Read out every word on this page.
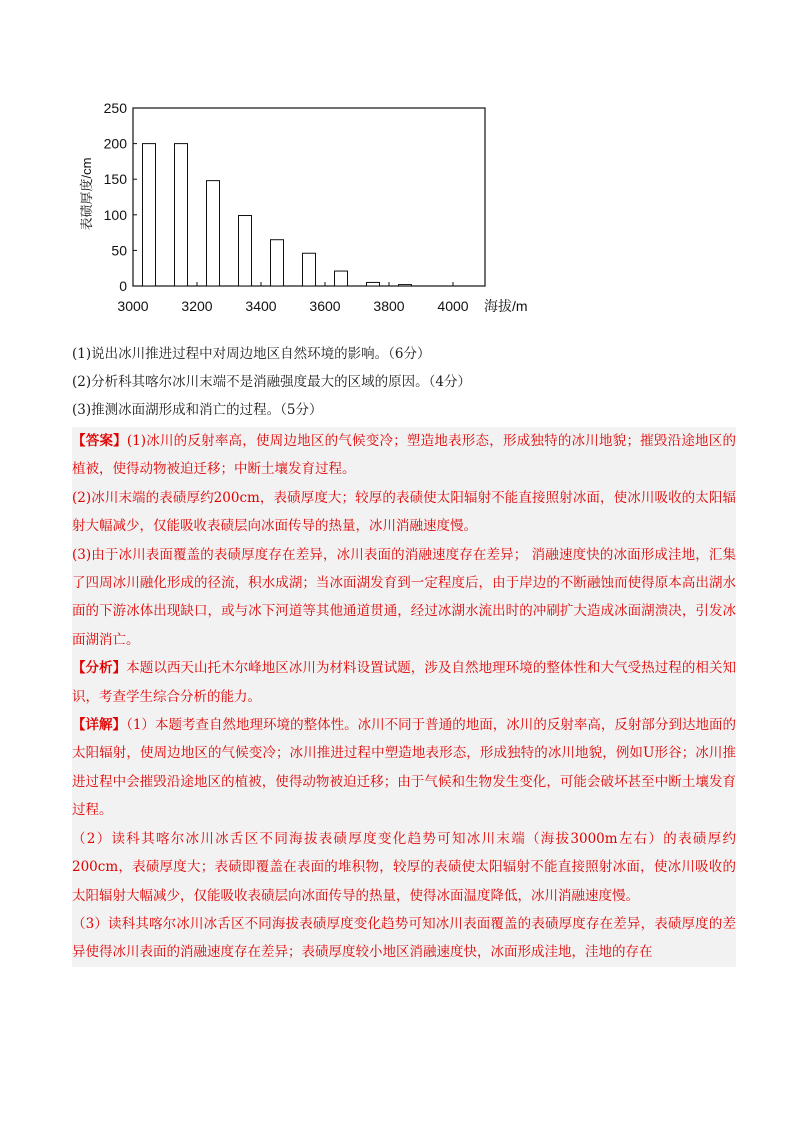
3000 3200 3400 3600 3800 4000
0
50
100
150
200
250
海拔/m
表碛厚度/cm
(1)说出冰川推进过程中对周边地区自然环境的影响。（6分）
(2)分析科其喀尔冰川末端不是消融强度最大的区域的原因。（4分）
(3)推测冰面湖形成和消亡的过程。（5分）

【答案】(1)冰川的反射率高，使周边地区的气候变冷；塑造地表形态，形成独特的冰川地貌；摧毁沿途地区的植被，使得动物被迫迁移；中断土壤发育过程。

(2)冰川末端的表碛厚约200cm，表碛厚度大；较厚的表碛使太阳辐射不能直接照射冰面，使冰川吸收的太阳辐射大幅减少，仅能吸收表碛层向冰面传导的热量，冰川消融速度慢。

(3)由于冰川表面覆盖的表碛厚度存在差异，冰川表面的消融速度存在差异； 消融速度快的冰面形成洼地，汇集了四周冰川融化形成的径流，积水成湖；当冰面湖发育到一定程度后，由于岸边的不断融蚀而使得原本高出湖水面的下游冰体出现缺口，或与冰下河道等其他通道贯通，经过冰湖水流出时的冲刷扩大造成冰面湖溃决，引发冰面湖消亡。

【分析】本题以西天山托木尔峰地区冰川为材料设置试题，涉及自然地理环境的整体性和大气受热过程的相关知识，考查学生综合分析的能力。

【详解】（1）本题考查自然地理环境的整体性。冰川不同于普通的地面，冰川的反射率高，反射部分到达地面的太阳辐射，使周边地区的气候变冷；冰川推进过程中塑造地表形态，形成独特的冰川地貌，例如U形谷；冰川推进过程中会摧毁沿途地区的植被，使得动物被迫迁移；由于气候和生物发生变化，可能会破坏甚至中断土壤发育过程。

（2）读科其喀尔冰川冰舌区不同海拔表碛厚度变化趋势可知冰川末端（海拔3000m左右）的表碛厚约200cm，表碛厚度大；表碛即覆盖在表面的堆积物，较厚的表碛使太阳辐射不能直接照射冰面，使冰川吸收的太阳辐射大幅减少，仅能吸收表碛层向冰面传导的热量，使得冰面温度降低，冰川消融速度慢。

（3）读科其喀尔冰川冰舌区不同海拔表碛厚度变化趋势可知冰川表面覆盖的表碛厚度存在差异，表碛厚度的差异使得冰川表面的消融速度存在差异；表碛厚度较小地区消融速度快，冰面形成洼地，洼地的存在
